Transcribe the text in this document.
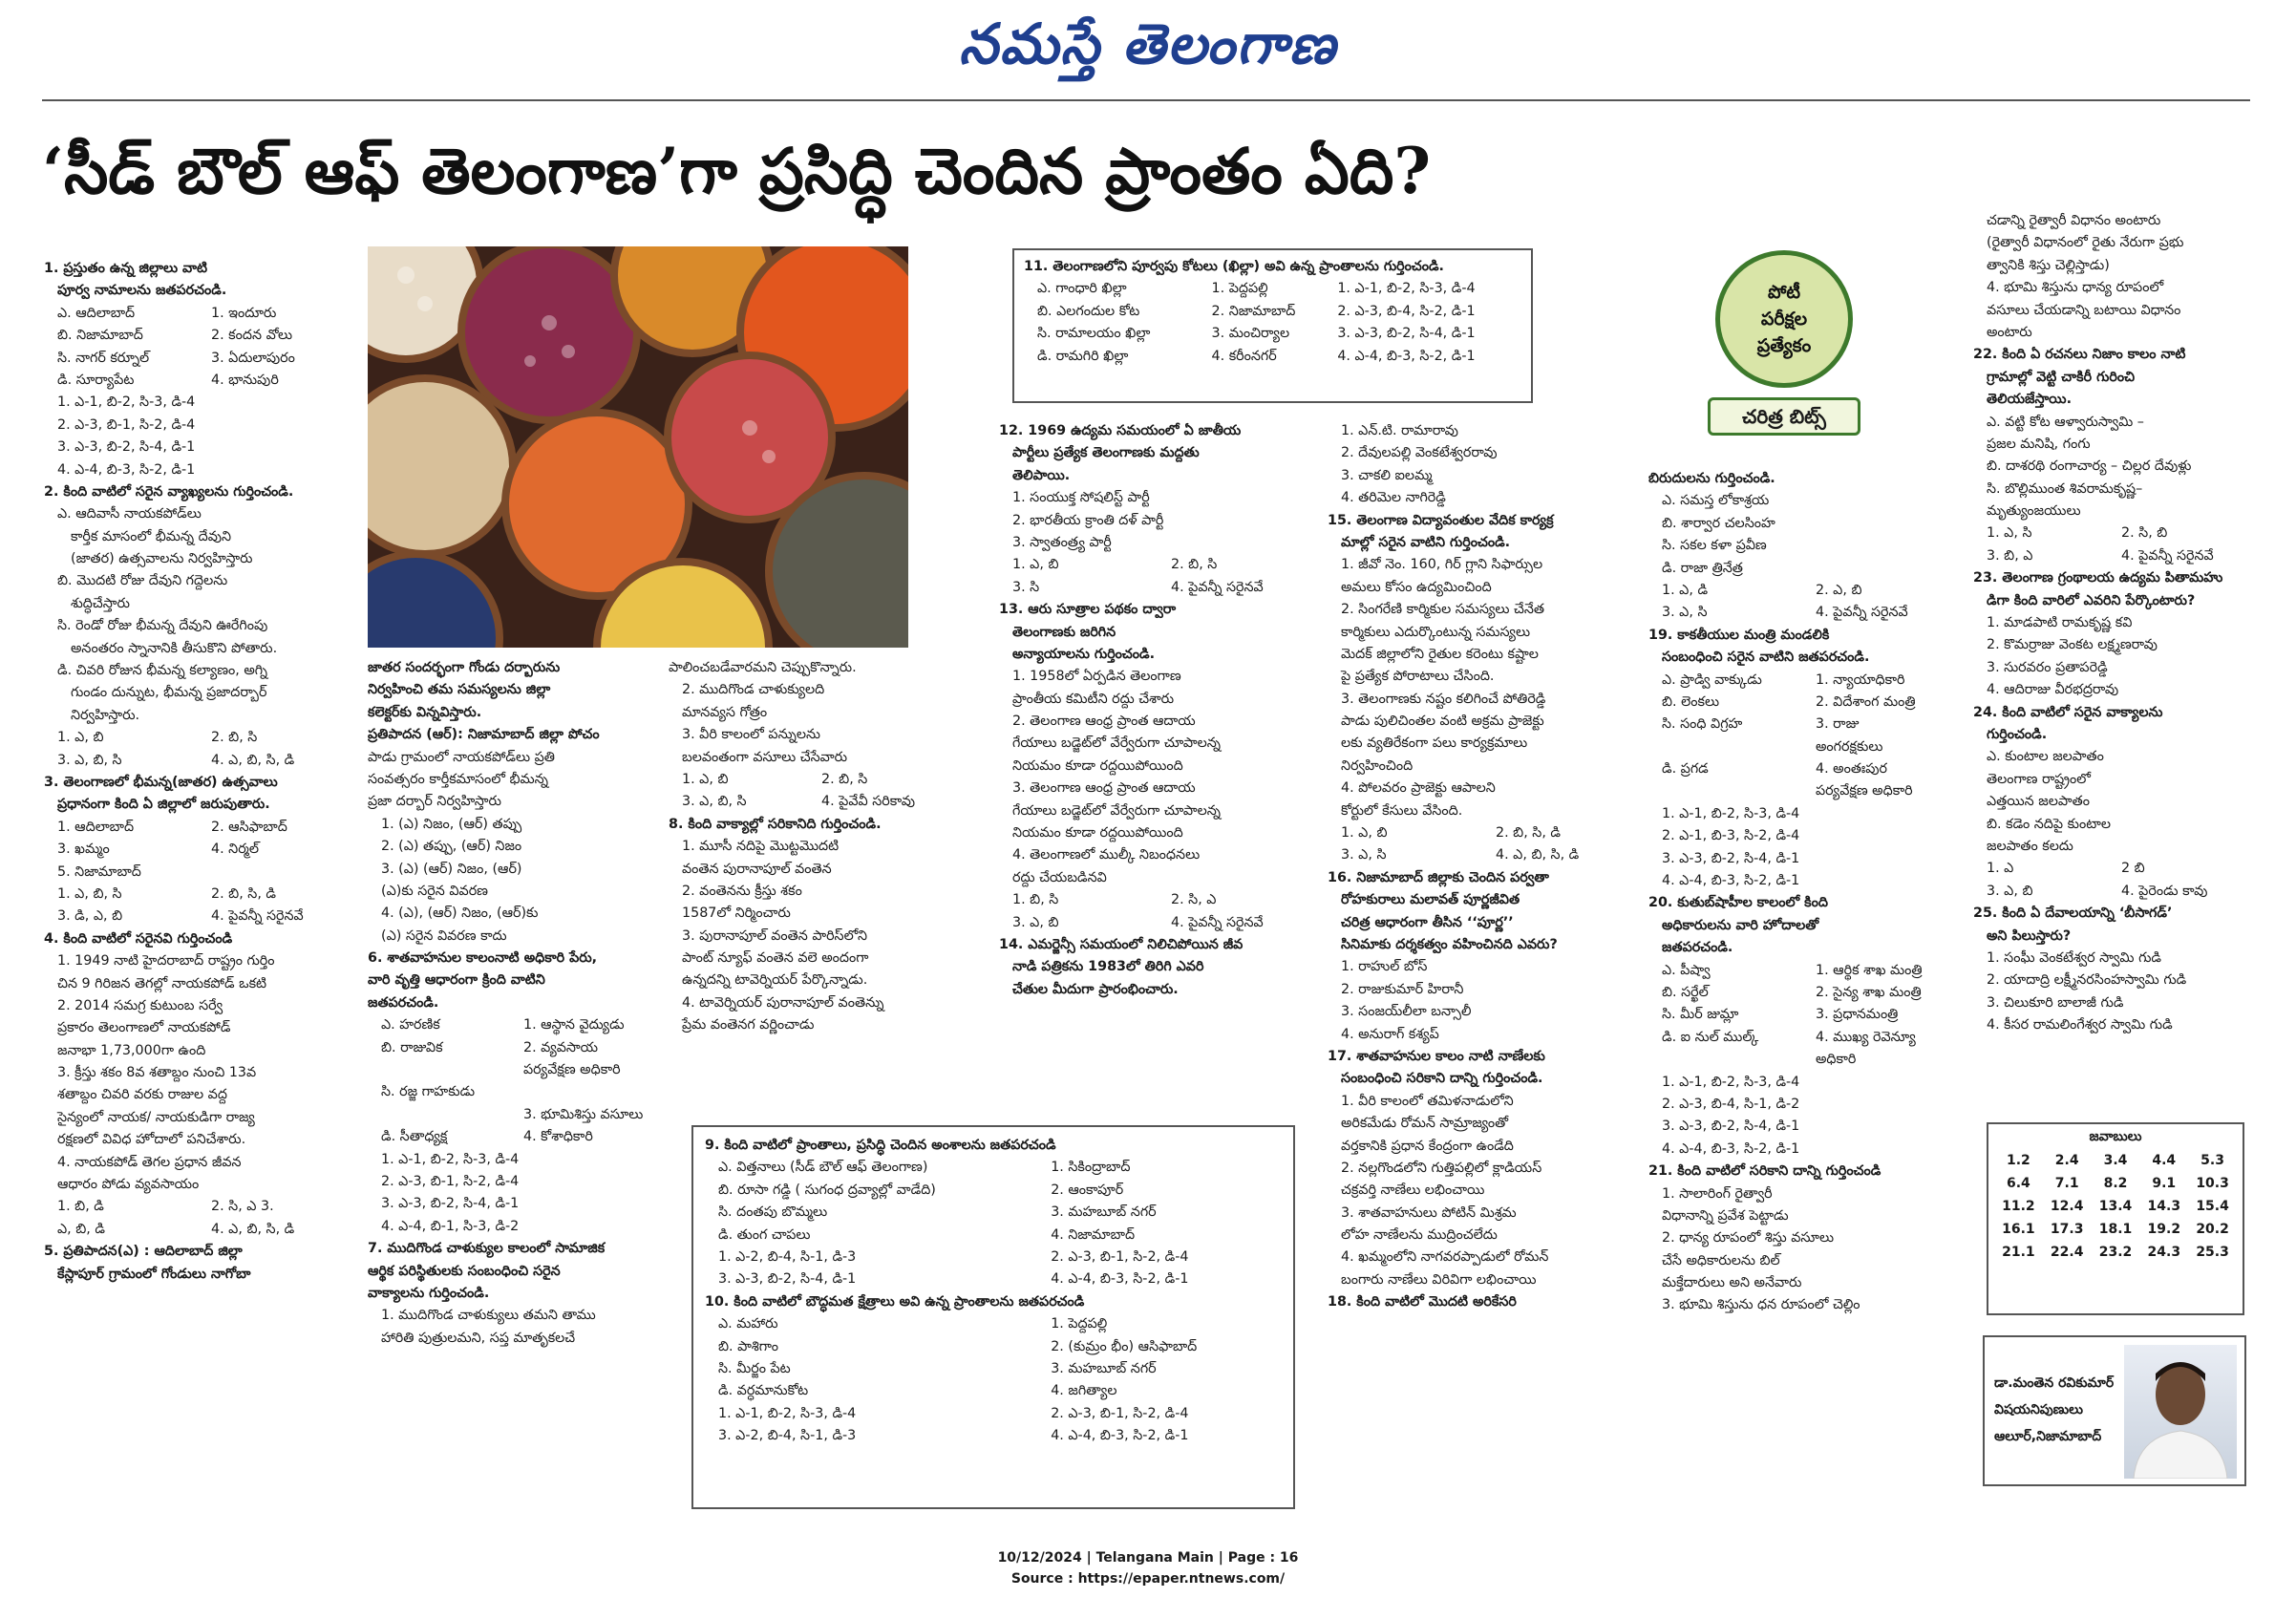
నమస్తే తెలంగాణ
‘సీడ్ బౌల్ ఆఫ్ తెలంగాణ’గా ప్రసిద్ధి చెందిన ప్రాంతం ఏది?
1. ప్రస్తుతం ఉన్న జిల్లాలు వాటి
పూర్వ నామాలను జతపరచండి.
ఎ. ఆదిలాబాద్	1. ఇందూరు
బి. నిజామాబాద్	2. కందన వోలు
సి. నాగర్ కర్నూల్	3. ఏదులాపురం
డి. సూర్యాపేట	4. భానుపురి
1. ఎ-1, బి-2, సి-3, డి-4
2. ఎ-3, బి-1, సి-2, డి-4
3. ఎ-3, బి-2, సి-4, డి-1
4. ఎ-4, బి-3, సి-2, డి-1
2. కింది వాటిలో సరైన వ్యాఖ్యలను గుర్తించండి.
ఎ. ఆదివాసీ నాయకపోడ్‌లు
కార్తీక మాసంలో భీమన్న దేవుని
(జాతర) ఉత్సవాలను నిర్వహిస్తారు
బి. మొదటి రోజు దేవుని గద్దెలను
శుద్ధిచేస్తారు
సి. రెండో రోజు భీమన్న దేవుని ఊరేగింపు
అనంతరం స్నానానికి తీసుకొని పోతారు.
డి. చివరి రోజున భీమన్న కల్యాణం, అగ్ని
గుండం దున్నుట, భీమన్న ప్రజాదర్బార్
నిర్వహిస్తారు.
1. ఎ, బి	2. బి, సి
3. ఎ, బి, సి	4. ఎ, బి, సి, డి
3. తెలంగాణలో భీమన్న(జాతర) ఉత్సవాలు
ప్రధానంగా కింది ఏ జిల్లాలో జరుపుతారు.
1. ఆదిలాబాద్	2. ఆసిఫాబాద్
3. ఖమ్మం	4. నిర్మల్
5. నిజామాబాద్
1. ఎ, బి, సి	2. బి, సి, డి
3. డి, ఎ, బి	4. పైవన్నీ సరైనవే
4. కింది వాటిలో సరైనవి గుర్తించండి
1. 1949 నాటి హైదరాబాద్ రాష్ట్రం గుర్తిం
చిన 9 గిరిజన తెగల్లో నాయకపోడ్ ఒకటి
2. 2014 సమగ్ర కుటుంబ సర్వే
ప్రకారం తెలంగాణలో నాయకపోడ్
జనాభా 1,73,000గా ఉంది
3. క్రీస్తు శకం 8వ శతాబ్దం నుంచి 13వ
శతాబ్దం చివరి వరకు రాజుల వద్ద
సైన్యంలో నాయక/ నాయకుడిగా రాజ్య
రక్షణలో వివిధ హోదాలో పనిచేశారు.
4. నాయకపోడ్ తెగల ప్రధాన జీవన
ఆధారం పోడు వ్యవసాయం
1. బి, డి	2. సి, ఎ 3.
ఎ, బి, డి	4. ఎ, బి, సి, డి
5. ప్రతిపాదన(ఎ) : ఆదిలాబాద్ జిల్లా
కేస్లాపూర్ గ్రామంలో గోండులు నాగోబా
జాతర సందర్భంగా గోండు దర్బారును
నిర్వహించి తమ సమస్యలను జిల్లా
కలెక్టర్‌కు విన్నవిస్తారు.
ప్రతిపాదన (ఆర్): నిజామాబాద్ జిల్లా పోచం
పాడు గ్రామంలో నాయకపోడ్‌లు ప్రతి
సంవత్సరం కార్తీకమాసంలో భీమన్న
ప్రజా దర్బార్ నిర్వహిస్తారు
1. (ఎ) నిజం, (ఆర్) తప్పు
2. (ఎ) తప్పు, (ఆర్) నిజం
3. (ఎ) (ఆర్) నిజం, (ఆర్)
(ఎ)కు సరైన వివరణ
4. (ఎ), (ఆర్) నిజం, (ఆర్)కు
(ఎ) సరైన వివరణ కాదు
6. శాతవాహనుల కాలంనాటి అధికారి పేరు,
వారి వృత్తి ఆధారంగా క్రింది వాటిని
జతపరచండి.
ఎ. హరణిక	1. ఆస్థాన వైద్యుడు
బి. రాజువిక	2. వ్యవసాయ
పర్యవేక్షణ అధికారి
సి. రజ్జ గాహకుడు
3. భూమిశిస్తు వసూలు
డి. సీతాధ్యక్ష	4. కోశాధికారి
1. ఎ-1, బి-2, సి-3, డి-4
2. ఎ-3, బి-1, సి-2, డి-4
3. ఎ-3, బి-2, సి-4, డి-1
4. ఎ-4, బి-1, సి-3, డి-2
7. ముదిగొండ చాళుక్యుల కాలంలో సామాజిక
ఆర్థిక పరిస్థితులకు సంబంధించి సరైన
వాక్యాలను గుర్తించండి.
1. ముదిగొండ చాళుక్యులు తమని తాము
హారితి పుత్రులమని, సప్త మాతృకలచే
పాలించబడేవారమని చెప్పుకొన్నారు.
2. ముదిగొండ చాళుక్యులది
మానవ్యస గోత్రం
3. వీరి కాలంలో పన్నులను
బలవంతంగా వసూలు చేసేవారు
1. ఎ, బి	2. బి, సి
3. ఎ, బి, సి	4. పైవేవీ సరికావు
8. కింది వాక్యాల్లో సరికానిది గుర్తించండి.
1. మూసీ నదిపై మొట్టమొదటి
వంతెన పురానాపూల్ వంతెన
2. వంతెనను క్రీస్తు శకం
1587లో నిర్మించారు
3. పురానాపూల్ వంతెన పారిస్‌లోని
పాంట్ న్యూఫ్ వంతెన వలె అందంగా
ఉన్నదన్ని టావెర్నియర్ పేర్కొన్నాడు.
4. టావెర్నియర్ పురానాపూల్ వంతెన్ను
ప్రేమ వంతెనగ వర్ణించాడు
11. తెలంగాణలోని పూర్వపు కోటలు (ఖిల్లా) అవి ఉన్న ప్రాంతాలను గుర్తించండి.
ఎ. గాంధారి ఖిల్లా	1. పెద్దపల్లి	1. ఎ-1, బి-2, సి-3, డి-4
బి. ఎలగందుల కోట	2. నిజామాబాద్	2. ఎ-3, బి-4, సి-2, డి-1
సి. రామాలయం ఖిల్లా	3. మంచిర్యాల	3. ఎ-3, బి-2, సి-4, డి-1
డి. రామగిరి ఖిల్లా	4. కరీంనగర్	4. ఎ-4, బి-3, సి-2, డి-1
12. 1969 ఉద్యమ సమయంలో ఏ జాతీయ
పార్టీలు ప్రత్యేక తెలంగాణకు మద్దతు
తెలిపాయి.
1. సంయుక్త సోషలిస్ట్ పార్టీ
2. భారతీయ క్రాంతి దళ్ పార్టీ
3. స్వాతంత్ర్య పార్టీ
1. ఎ, బి	2. బి, సి
3. సి	4. పైవన్నీ సరైనవే
13. ఆరు సూత్రాల పథకం ద్వారా
తెలంగాణకు జరిగిన
అన్యాయాలను గుర్తించండి.
1. 1958లో ఏర్పడిన తెలంగాణ
ప్రాంతీయ కమిటీని రద్దు చేశారు
2. తెలంగాణ ఆంధ్ర ప్రాంత ఆదాయ
గేయాలు బడ్జెట్‌లో వేర్వేరుగా చూపాలన్న
నియమం కూడా రద్దయిపోయింది
3. తెలంగాణ ఆంధ్ర ప్రాంత ఆదాయ
గేయాలు బడ్జెట్‌లో వేర్వేరుగా చూపాలన్న
నియమం కూడా రద్దయిపోయింది
4. తెలంగాణలో ముల్కీ నిబంధనలు
రద్దు చేయబడినవి
1. బి, సి	2. సి, ఎ
3. ఎ, బి	4. పైవన్నీ సరైనవే
14. ఎమర్జెన్సీ సమయంలో నిలిచిపోయిన జీవ
నాడి పత్రికను 1983లో తిరిగి ఎవరి
చేతుల మీదుగా ప్రారంభించారు.
9. కింది వాటిలో ప్రాంతాలు, ప్రసిద్ధి చెందిన అంశాలను జతపరచండి
ఎ. విత్తనాలు (సీడ్ బౌల్ ఆఫ్ తెలంగాణ)	1. సికింద్రాబాద్
బి. రూసా గడ్డి ( సుగంధ ద్రవ్యాల్లో వాడేది)	2. ఆంకాపూర్
సి. దంతపు బొమ్మలు	3. మహబూబ్ నగర్
డి. తుంగ చాపలు	4. నిజామాబాద్
1. ఎ-2, బి-4, సి-1, డి-3	2. ఎ-3, బి-1, సి-2, డి-4
3. ఎ-3, బి-2, సి-4, డి-1	4. ఎ-4, బి-3, సి-2, డి-1
10. కింది వాటిలో బౌద్ధమత క్షేత్రాలు అవి ఉన్న ప్రాంతాలను జతపరచండి
ఎ. మహారు	1. పెద్దపల్లి
బి. పాశిగాం	2. (కుమ్రం భీం) ఆసిఫాబాద్
సి. మీర్జం పేట	3. మహబూబ్ నగర్
డి. వర్ధమానుకోట	4. జగిత్యాల
1. ఎ-1, బి-2, సి-3, డి-4	2. ఎ-3, బి-1, సి-2, డి-4
3. ఎ-2, బి-4, సి-1, డి-3	4. ఎ-4, బి-3, సి-2, డి-1
1. ఎన్.టి. రామారావు
2. దేవులపల్లి వెంకటేశ్వరరావు
3. చాకలి ఐలమ్మ
4. తరిమెల నాగిరెడ్డి
15. తెలంగాణ విద్యావంతుల వేదిక కార్యక్ర
మాల్లో సరైన వాటిని గుర్తించండి.
1. జీవో నెం. 160, గిర్ గ్లాని సిఫార్సుల
అమలు కోసం ఉద్యమించింది
2. సింగరేణి కార్మికుల సమస్యలు చేనేత
కార్మికులు ఎదుర్కొంటున్న సమస్యలు
మెదక్ జిల్లాలోని రైతుల కరెంటు కష్టాల
పై ప్రత్యేక పోరాటాలు చేసింది.
3. తెలంగాణకు నష్టం కలిగించే పోతిరెడ్డి
పాడు పులిచింతల వంటి అక్రమ ప్రాజెక్టు
లకు వ్యతిరేకంగా పలు కార్యక్రమాలు
నిర్వహించింది
4. పోలవరం ప్రాజెక్టు ఆపాలని
కోర్టులో కేసులు వేసింది.
1. ఎ, బి	2. బి, సి, డి
3. ఎ, సి	4. ఎ, బి, సి, డి
16. నిజామాబాద్ జిల్లాకు చెందిన పర్వతా
రోహకురాలు మలావత్ పూర్ణజీవిత
చరిత్ర ఆధారంగా తీసిన ‘‘పూర్ణ’’
సినిమాకు దర్శకత్వం వహించినది ఎవరు?
1. రాహుల్ బోస్
2. రాజుకుమార్ హిరానీ
3. సంజయ్‌లీలా బన్సాలీ
4. అనురాగ్ కశ్యప్
17. శాతవాహనుల కాలం నాటి నాణేలకు
సంబంధించి సరికాని దాన్ని గుర్తించండి.
1. వీరి కాలంలో తమిళనాడులోని
అరికమేడు రోమన్ సామ్రాజ్యంతో
వర్తకానికి ప్రధాన కేంద్రంగా ఉండేది
2. నల్లగొండలోని గుత్తిపల్లిలో క్లాడియస్
చక్రవర్తి నాణేలు లభించాయి
3. శాతవాహనులు పోటిన్ మిశ్రమ
లోహ నాణేలను ముద్రించలేదు
4. ఖమ్మంలోని నాగవరప్పాడులో రోమన్
బంగారు నాణేలు విరివిగా లభించాయి
18. కింది వాటిలో మొదటి అరికేసరి
పోటీ
పరీక్షల
ప్రత్యేకం
చరిత్ర బిట్స్
బిరుదులను గుర్తించండి.
ఎ. సమస్త లోకాశ్రయ
బి. శార్వార చలసింహ
సి. సకల కళా ప్రవీణ
డి. రాజా త్రినేత్ర
1. ఎ, డి	2. ఎ, బి
3. ఎ, సి	4. పైవన్నీ సరైనవే
19. కాకతీయుల మంత్రి మండలికి
సంబంధించి సరైన వాటిని జతపరచండి.
ఎ. ప్రాడ్వి వాక్కుడు	1. న్యాయాధికారి
బి. లెంకలు	2. విదేశాంగ మంత్రి
సి. సంధి విగ్రహ	3. రాజు
అంగరక్షకులు
డి. ప్రగడ	4. అంతఃపుర
పర్యవేక్షణ అధికారి
1. ఎ-1, బి-2, సి-3, డి-4
2. ఎ-1, బి-3, సి-2, డి-4
3. ఎ-3, బి-2, సి-4, డి-1
4. ఎ-4, బి-3, సి-2, డి-1
20. కుతుబ్‌షాహీల కాలంలో కింది
అధికారులను వారి హోదాలతో
జతపరచండి.
ఎ. పీష్వా	1. ఆర్థిక శాఖ మంత్రి
బి. సర్ఖేల్	2. సైన్య శాఖ మంత్రి
సి. మీర్ జుమ్లా	3. ప్రధానమంత్రి
డి. ఐ నుల్ ముల్క్	4. ముఖ్య రెవెన్యూ
అధికారి
1. ఎ-1, బి-2, సి-3, డి-4
2. ఎ-3, బి-4, సి-1, డి-2
3. ఎ-3, బి-2, సి-4, డి-1
4. ఎ-4, బి-3, సి-2, డి-1
21. కింది వాటిలో సరికాని దాన్ని గుర్తించండి
1. సాలారింగ్ రైత్వారీ
విధానాన్ని ప్రవేశ పెట్టాడు
2. ధాన్య రూపంలో శిస్తు వసూలు
చేసే అధికారులను బిల్
మక్తేదారులు అని అనేవారు
3. భూమి శిస్తును ధన రూపంలో చెల్లిం
చడాన్ని రైత్వారీ విధానం అంటారు
(రైత్వారీ విధానంలో రైతు నేరుగా ప్రభు
త్వానికి శిస్తు చెల్లిస్తాడు)
4. భూమి శిస్తును ధాన్య రూపంలో
వసూలు చేయడాన్ని బటాయి విధానం
అంటారు
22. కింది ఏ రచనలు నిజాం కాలం నాటి
గ్రామాల్లో వెట్టి చాకిరీ గురించి
తెలియజేస్తాయి.
ఎ. వట్టి కోట ఆళ్వారుస్వామి –
ప్రజల మనిషి, గంగు
బి. దాశరథి రంగాచార్య – చిల్లర దేవుళ్లు
సి. బొల్లిముంత శివరామకృష్ణ–
మృత్యుంజయులు
1. ఎ, సి	2. సి, బి
3. బి, ఎ	4. పైవన్నీ సరైనవే
23. తెలంగాణ గ్రంథాలయ ఉద్యమ పితామహు
డిగా కింది వారిలో ఎవరిని పేర్కొంటారు?
1. మాడపాటి రామకృష్ణ కవి
2. కొమర్రాజు వెంకట లక్ష్మణరావు
3. సురవరం ప్రతాపరెడ్డి
4. ఆదిరాజు వీరభద్రరావు
24. కింది వాటిలో సరైన వాక్యాలను
గుర్తించండి.
ఎ. కుంటాల జలపాతం
తెలంగాణ రాష్ట్రంలో
ఎత్తయిన జలపాతం
బి. కడెం నదిపై కుంటాల
జలపాతం కలదు
1. ఎ	2 బి
3. ఎ, బి	4. పైరెండు కావు
25. కింది ఏ దేవాలయాన్ని ‘బీసాగడ్’
అని పిలుస్తారు?
1. సంఘీ వెంకటేశ్వర స్వామి గుడి
2. యాదాద్రి లక్ష్మీనరసింహస్వామి గుడి
3. చిలుకూరి బాలాజీ గుడి
4. కీసర రామలింగేశ్వర స్వామి గుడి
జవాబులు
1.2	2.4	3.4	4.4	5.3
6.4	7.1	8.2	9.1	10.3
11.2	12.4	13.4	14.3	15.4
16.1	17.3	18.1	19.2	20.2
21.1	22.4	23.2	24.3	25.3
డా.మంతెన రవికుమార్
విషయనిపుణులు
ఆలూర్,నిజామాబాద్
10/12/2024 | Telangana Main | Page : 16
Source : https://epaper.ntnews.com/
